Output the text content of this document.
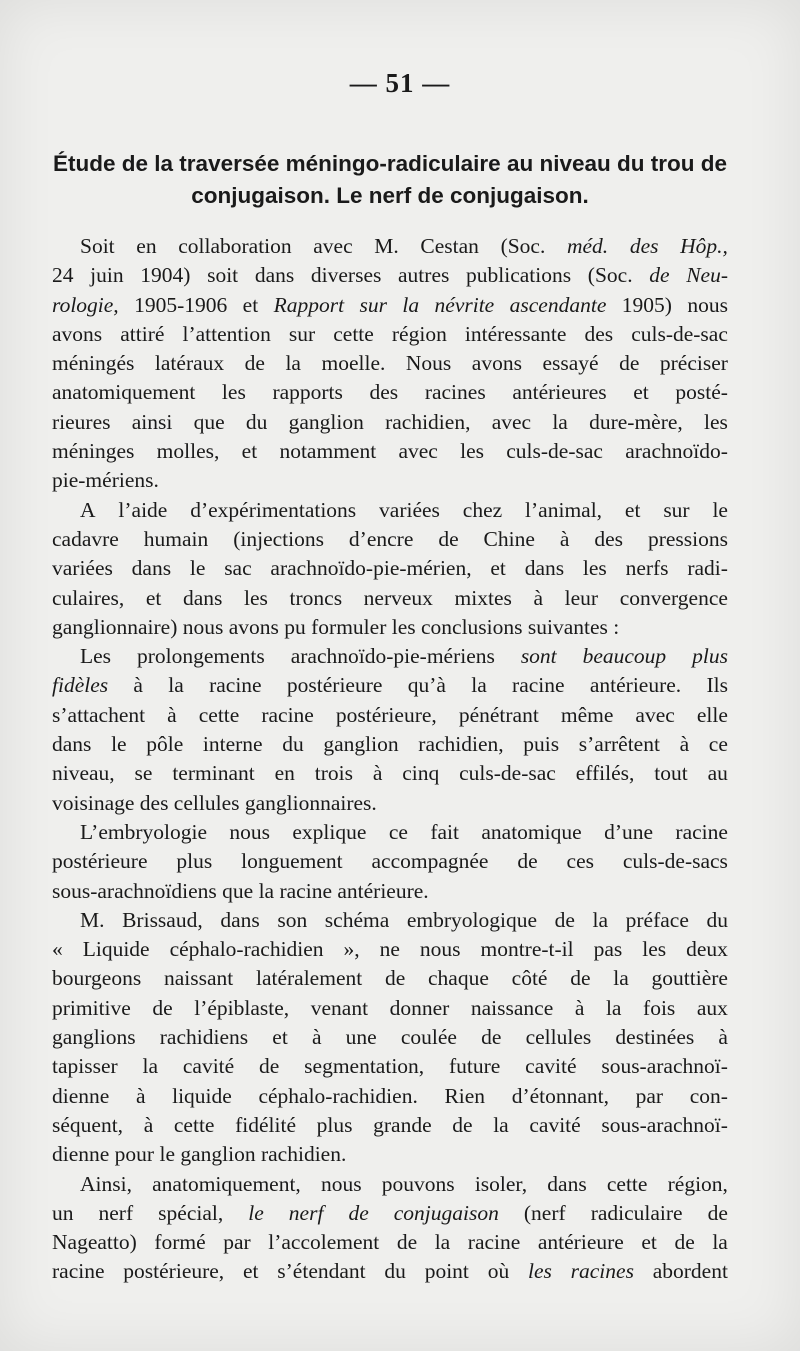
— 51 —
Étude de la traversée méningo-radiculaire au niveau du trou de
conjugaison. Le nerf de conjugaison.
Soit en collaboration avec M. Cestan (Soc. méd. des Hôp.,
24 juin 1904) soit dans diverses autres publications (Soc. de Neu-
rologie, 1905-1906 et Rapport sur la névrite ascendante 1905) nous
avons attiré l’attention sur cette région intéressante des culs-de-sac
méningés latéraux de la moelle. Nous avons essayé de préciser
anatomiquement les rapports des racines antérieures et posté-
rieures ainsi que du ganglion rachidien, avec la dure-mère, les
méninges molles, et notamment avec les culs-de-sac arachnoïdo-
pie-mériens.
A l’aide d’expérimentations variées chez l’animal, et sur le
cadavre humain (injections d’encre de Chine à des pressions
variées dans le sac arachnoïdo-pie-mérien, et dans les nerfs radi-
culaires, et dans les troncs nerveux mixtes à leur convergence
ganglionnaire) nous avons pu formuler les conclusions suivantes :
Les prolongements arachnoïdo-pie-mériens sont beaucoup plus
fidèles à la racine postérieure qu’à la racine antérieure. Ils
s’attachent à cette racine postérieure, pénétrant même avec elle
dans le pôle interne du ganglion rachidien, puis s’arrêtent à ce
niveau, se terminant en trois à cinq culs-de-sac effilés, tout au
voisinage des cellules ganglionnaires.
L’embryologie nous explique ce fait anatomique d’une racine
postérieure plus longuement accompagnée de ces culs-de-sacs
sous-arachnoïdiens que la racine antérieure.
M. Brissaud, dans son schéma embryologique de la préface du
« Liquide céphalo-rachidien », ne nous montre-t-il pas les deux
bourgeons naissant latéralement de chaque côté de la gouttière
primitive de l’épiblaste, venant donner naissance à la fois aux
ganglions rachidiens et à une coulée de cellules destinées à
tapisser la cavité de segmentation, future cavité sous-arachnoï-
dienne à liquide céphalo-rachidien. Rien d’étonnant, par con-
séquent, à cette fidélité plus grande de la cavité sous-arachnoï-
dienne pour le ganglion rachidien.
Ainsi, anatomiquement, nous pouvons isoler, dans cette région,
un nerf spécial, le nerf de conjugaison (nerf radiculaire de
Nageatto) formé par l’accolement de la racine antérieure et de la
racine postérieure, et s’étendant du point où les racines abordent
